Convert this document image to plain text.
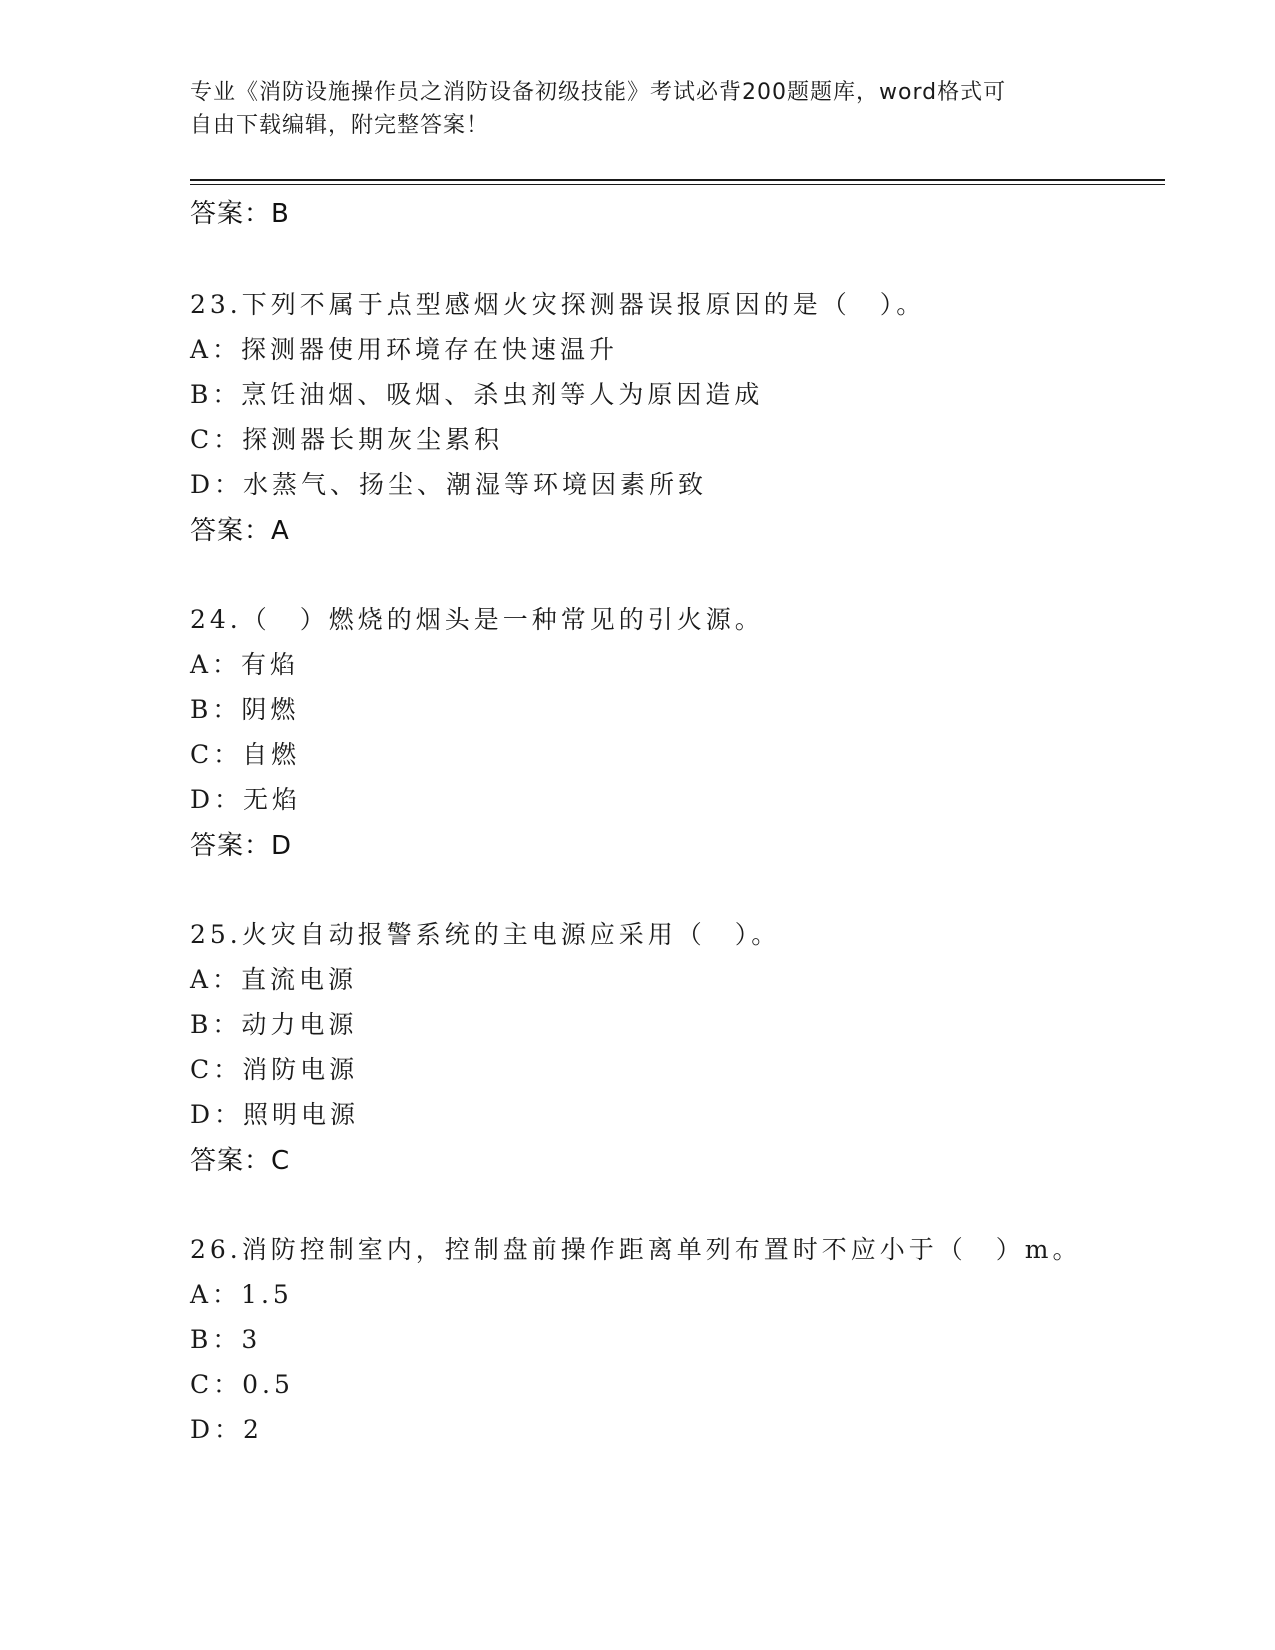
专业《消防设施操作员之消防设备初级技能》考试必背200题题库，word格式可
自由下载编辑，附完整答案！
答案：B
23.下列不属于点型感烟火灾探测器误报原因的是（　）。
A：探测器使用环境存在快速温升
B：烹饪油烟、吸烟、杀虫剂等人为原因造成
C：探测器长期灰尘累积
D：水蒸气、扬尘、潮湿等环境因素所致
答案：A
24.（　）燃烧的烟头是一种常见的引火源。
A：有焰
B：阴燃
C：自燃
D：无焰
答案：D
25.火灾自动报警系统的主电源应采用（　）。
A：直流电源
B：动力电源
C：消防电源
D：照明电源
答案：C
26.消防控制室内，控制盘前操作距离单列布置时不应小于（　）m。
A：1.5
B：3
C：0.5
D：2
